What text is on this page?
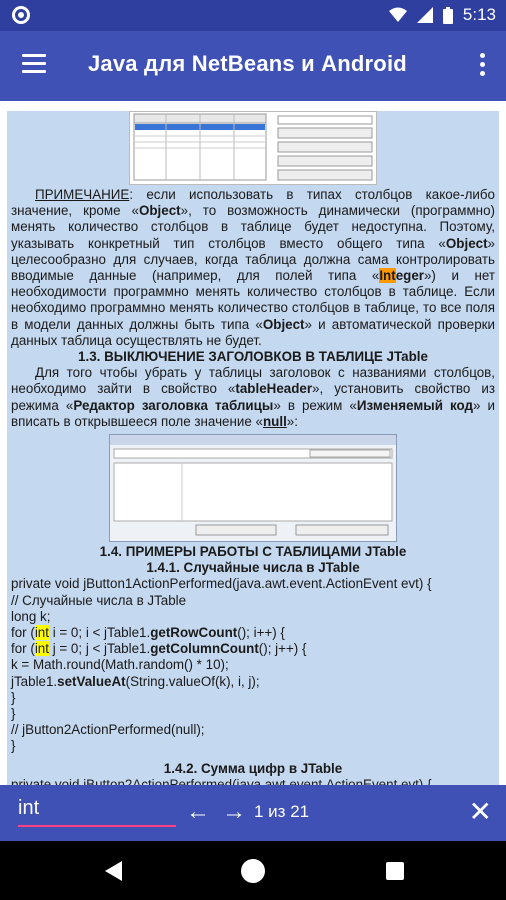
5:13
Java для NetBeans и Android

ПРИМЕЧАНИЕ: если использовать в типах столбцов какое-либо значение, кроме «Object», то возможность динамически (программно) менять количество столбцов в таблице будет недоступна. Поэтому, указывать конкретный тип столбцов вместо общего типа «Object» целесообразно для случаев, когда таблица должна сама контролировать вводимые данные (например, для полей типа «Integer») и нет необходимости программно менять количество столбцов в таблице. Если необходимо программно менять количество столбцов в таблице, то все поля в модели данных должны быть типа «Object» и автоматической проверки данных таблица осуществлять не будет.

1.3. ВЫКЛЮЧЕНИЕ ЗАГОЛОВКОВ В ТАБЛИЦЕ JTable

Для того чтобы убрать у таблицы заголовок с названиями столбцов, необходимо зайти в свойство «tableHeader», установить свойство из режима «Редактор заголовка таблицы» в режим «Изменяемый код» и вписать в открывшееся поле значение «null»:

1.4. ПРИМЕРЫ РАБОТЫ С ТАБЛИЦАМИ JTable

1.4.1. Случайные числа в JTable

private void jButton1ActionPerformed(java.awt.event.ActionEvent evt) {

// Случайные числа в JTable

long k;

for (int i = 0; i < jTable1.getRowCount(); i++) {

for (int j = 0; j < jTable1.getColumnCount(); j++) {

k = Math.round(Math.random() * 10);

jTable1.setValueAt(String.valueOf(k), i, j);

}

}

// jButton2ActionPerformed(null);

}

1.4.2. Сумма цифр в JTable

int
← → 1 из 21	✕
